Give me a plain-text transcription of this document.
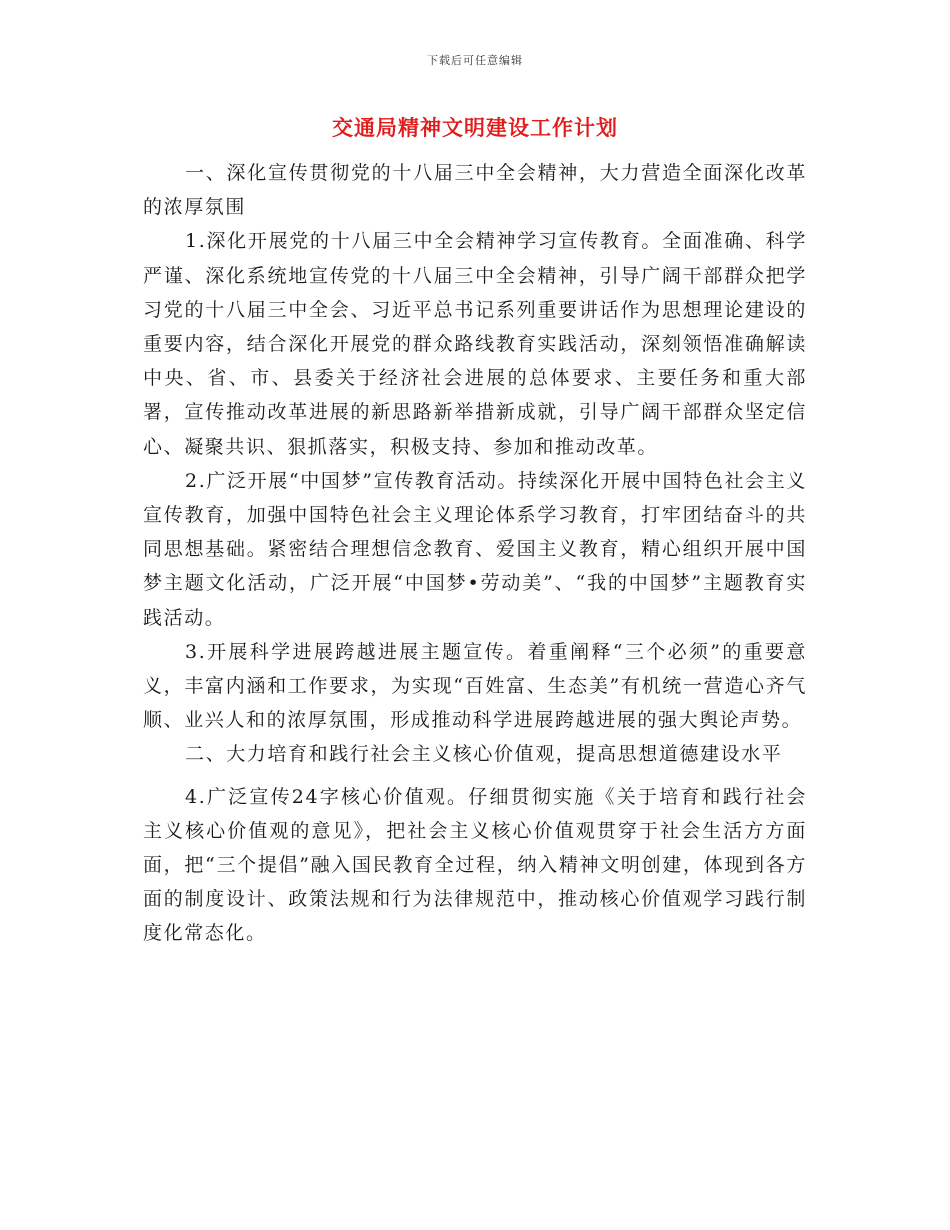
下载后可任意编辑
交通局精神文明建设工作计划

一、深化宣传贯彻党的十八届三中全会精神，大力营造全面深化改革的浓厚氛围

1.深化开展党的十八届三中全会精神学习宣传教育。全面准确、科学严谨、深化系统地宣传党的十八届三中全会精神，引导广阔干部群众把学习党的十八届三中全会、习近平总书记系列重要讲话作为思想理论建设的重要内容，结合深化开展党的群众路线教育实践活动，深刻领悟准确解读中央、省、市、县委关于经济社会进展的总体要求、主要任务和重大部署，宣传推动改革进展的新思路新举措新成就，引导广阔干部群众坚定信心、凝聚共识、狠抓落实，积极支持、参加和推动改革。

2.广泛开展“中国梦”宣传教育活动。持续深化开展中国特色社会主义宣传教育，加强中国特色社会主义理论体系学习教育，打牢团结奋斗的共同思想基础。紧密结合理想信念教育、爱国主义教育，精心组织开展中国梦主题文化活动，广泛开展“中国梦•劳动美”、“我的中国梦”主题教育实践活动。

3.开展科学进展跨越进展主题宣传。着重阐释“三个必须”的重要意义，丰富内涵和工作要求，为实现“百姓富、生态美”有机统一营造心齐气顺、业兴人和的浓厚氛围，形成推动科学进展跨越进展的强大舆论声势。

二、大力培育和践行社会主义核心价值观，提高思想道德建设水平

4.广泛宣传24字核心价值观。仔细贯彻实施《关于培育和践行社会主义核心价值观的意见》，把社会主义核心价值观贯穿于社会生活方方面面，把“三个提倡”融入国民教育全过程，纳入精神文明创建，体现到各方面的制度设计、政策法规和行为法律规范中，推动核心价值观学习践行制度化常态化。
